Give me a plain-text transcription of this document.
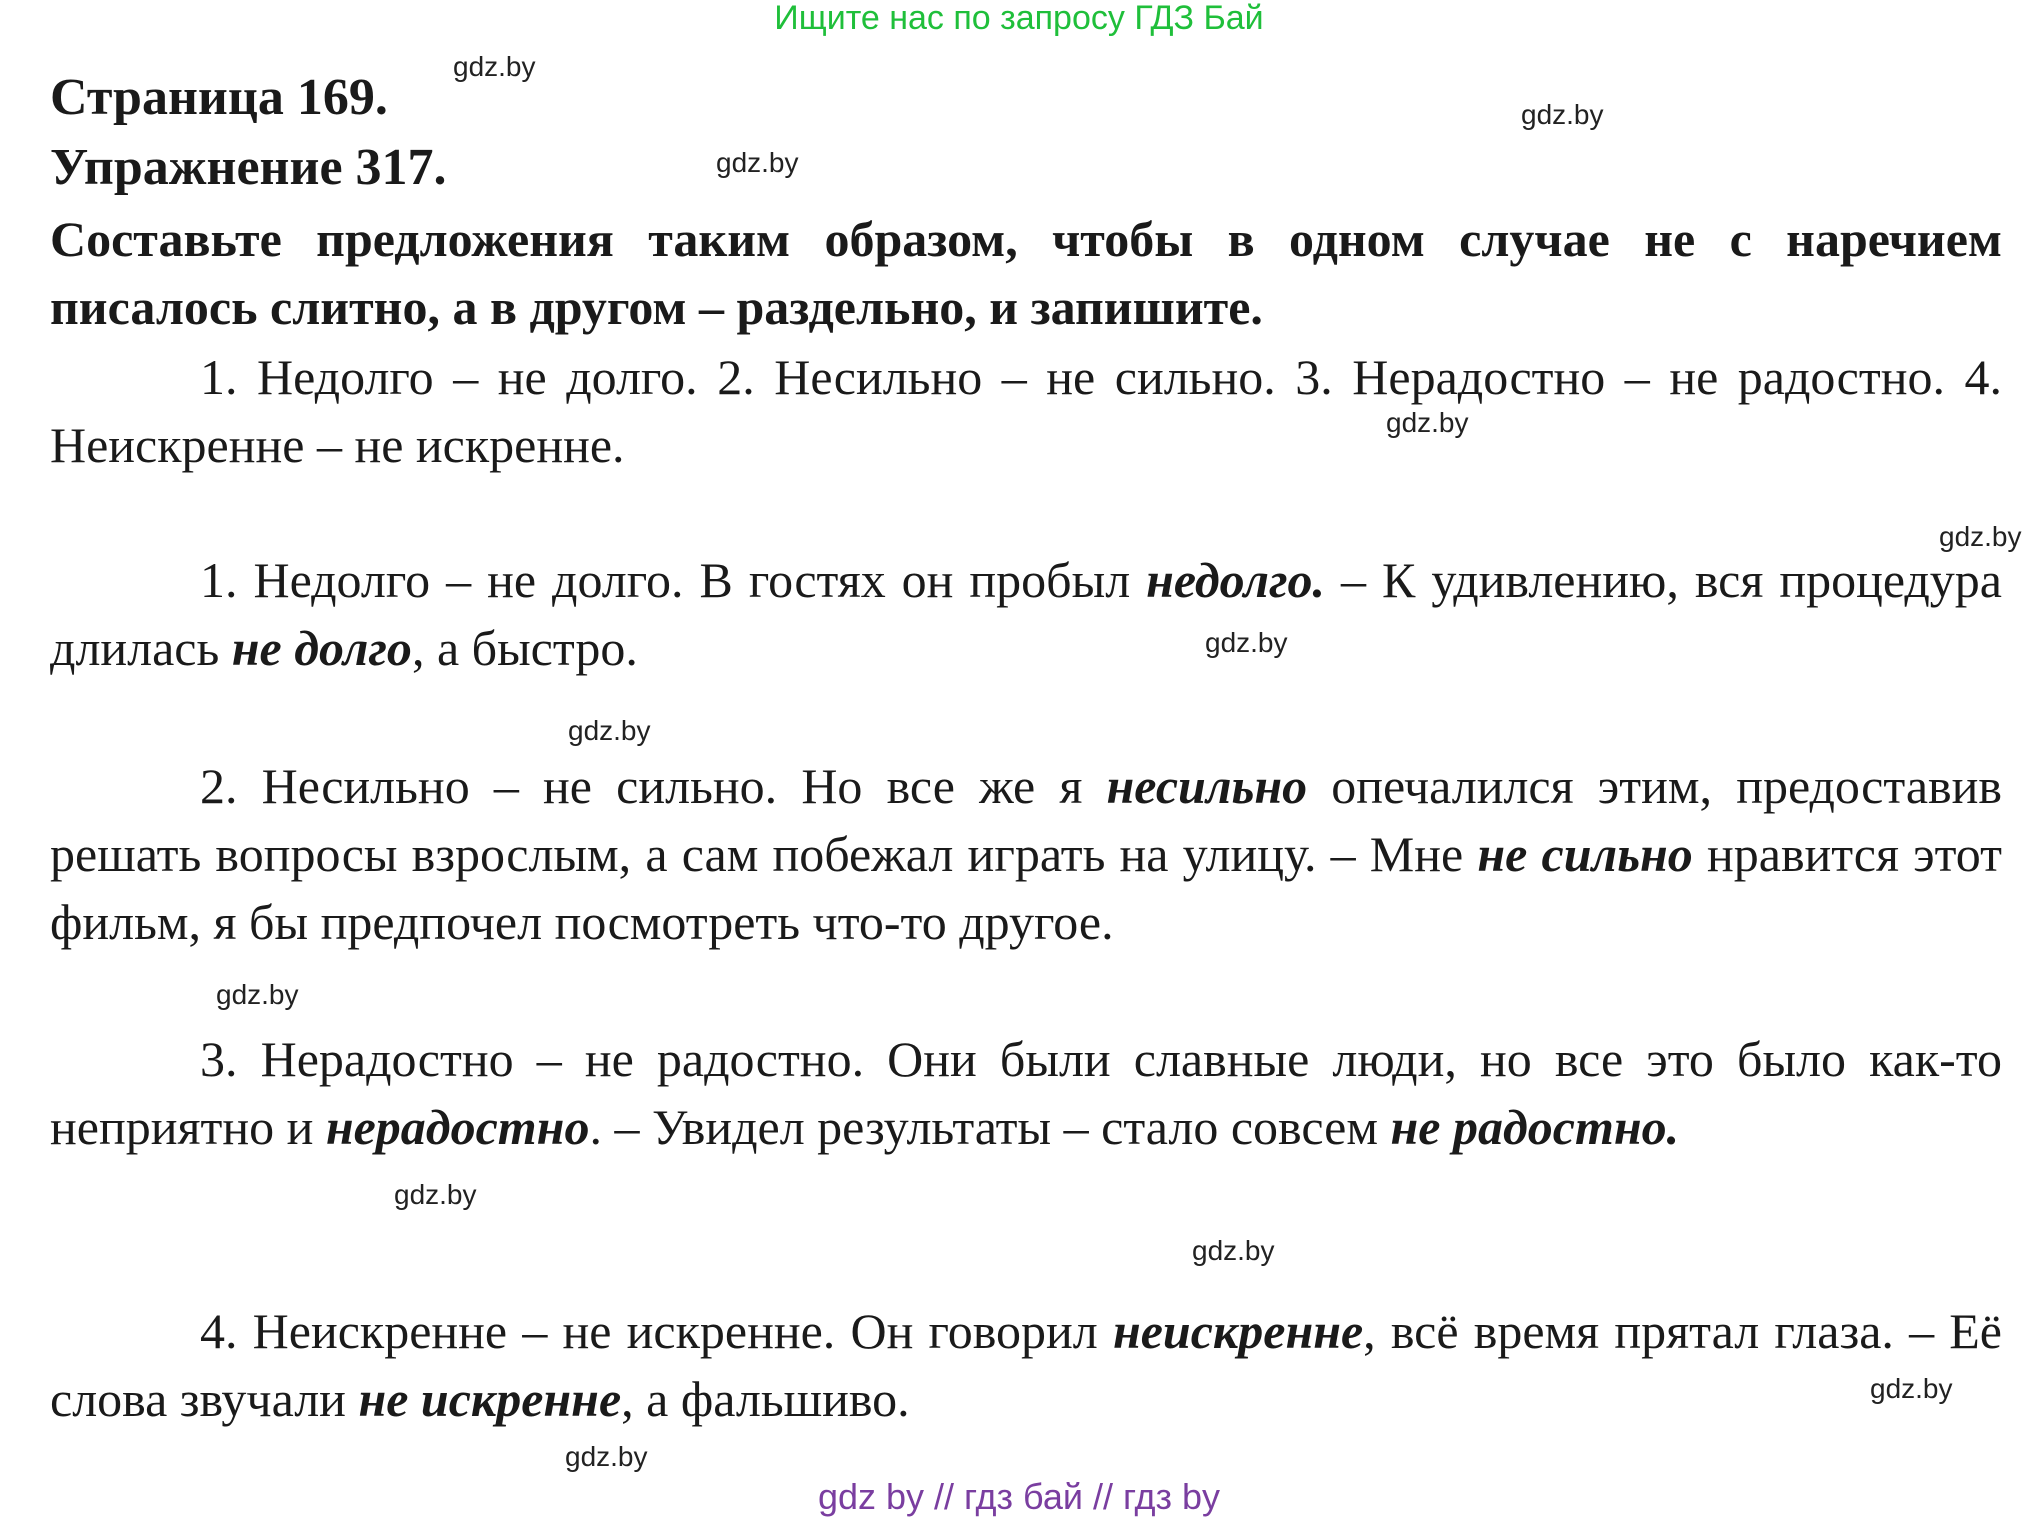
Ищите нас по запросу ГДЗ Бай
Страница 169.
Упражнение 317.
Составьте предложения таким образом, чтобы в одном случае не с наречием писалось слитно, а в другом – раздельно, и запишите.
1. Недолго – не долго. 2. Несильно – не сильно. 3. Нерадостно – не радостно. 4. Неискренне – не искренне.
1. Недолго – не долго. В гостях он пробыл недолго. – К удивлению, вся процедура длилась не долго, а быстро.
2. Несильно – не сильно. Но все же я несильно опечалился этим, предоставив решать вопросы взрослым, а сам побежал играть на улицу. – Мне не сильно нравится этот фильм, я бы предпочел посмотреть что-то другое.
3. Нерадостно – не радостно. Они были славные люди, но все это было как-то неприятно и нерадостно. – Увидел результаты – стало совсем не радостно.
4. Неискренне – не искренне. Он говорил неискренне, всё время прятал глаза. – Её слова звучали не искренне, а фальшиво.
gdz.by
gdz.by
gdz.by
gdz.by
gdz.by
gdz.by
gdz.by
gdz.by
gdz.by
gdz.by
gdz.by
gdz.by
gdz by // гдз бай // гдз by
